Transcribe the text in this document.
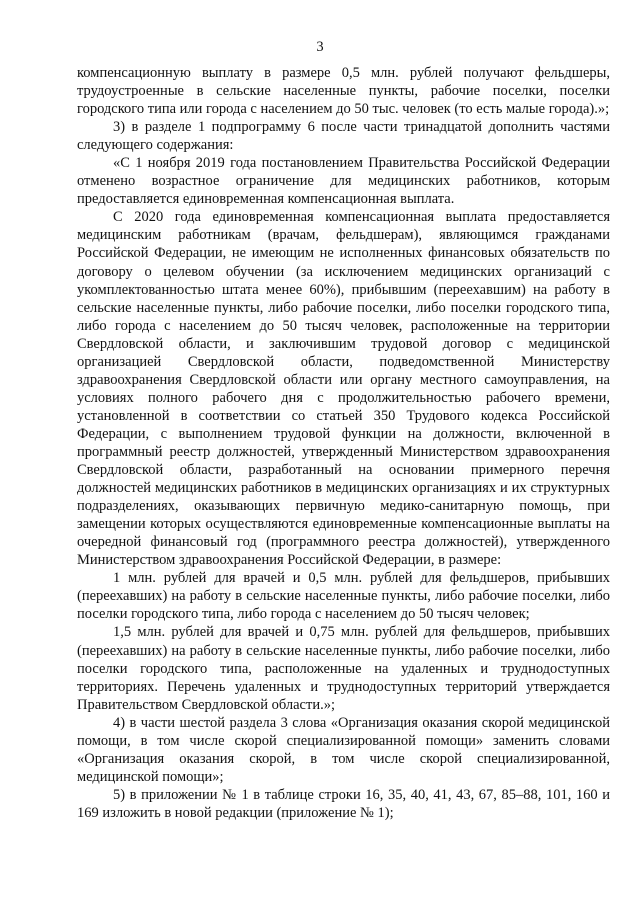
3

компенсационную выплату в размере 0,5 млн. рублей получают фельдшеры, трудоустроенные в сельские населенные пункты, рабочие поселки, поселки городского типа или города с населением до 50 тыс. человек (то есть малые города).»;

3) в разделе 1 подпрограмму 6 после части тринадцатой дополнить частями следующего содержания:

«С 1 ноября 2019 года постановлением Правительства Российской Федерации отменено возрастное ограничение для медицинских работников, которым предоставляется единовременная компенсационная выплата.

С 2020 года единовременная компенсационная выплата предоставляется медицинским работникам (врачам, фельдшерам), являющимся гражданами Российской Федерации, не имеющим не исполненных финансовых обязательств по договору о целевом обучении (за исключением медицинских организаций с укомплектованностью штата менее 60%), прибывшим (переехавшим) на работу в сельские населенные пункты, либо рабочие поселки, либо поселки городского типа, либо города с населением до 50 тысяч человек, расположенные на территории Свердловской области, и заключившим трудовой договор с медицинской организацией Свердловской области, подведомственной Министерству здравоохранения Свердловской области или органу местного самоуправления, на условиях полного рабочего дня с продолжительностью рабочего времени, установленной в соответствии со статьей 350 Трудового кодекса Российской Федерации, с выполнением трудовой функции на должности, включенной в программный реестр должностей, утвержденный Министерством здравоохранения Свердловской области, разработанный на основании примерного перечня должностей медицинских работников в медицинских организациях и их структурных подразделениях, оказывающих первичную медико-санитарную помощь, при замещении которых осуществляются единовременные компенсационные выплаты на очередной финансовый год (программного реестра должностей), утвержденного Министерством здравоохранения Российской Федерации, в размере:

1 млн. рублей для врачей и 0,5 млн. рублей для фельдшеров, прибывших (переехавших) на работу в сельские населенные пункты, либо рабочие поселки, либо поселки городского типа, либо города с населением до 50 тысяч человек;

1,5 млн. рублей для врачей и 0,75 млн. рублей для фельдшеров, прибывших (переехавших) на работу в сельские населенные пункты, либо рабочие поселки, либо поселки городского типа, расположенные на удаленных и труднодоступных территориях. Перечень удаленных и труднодоступных территорий утверждается Правительством Свердловской области.»;

4) в части шестой раздела 3 слова «Организация оказания скорой медицинской помощи, в том числе скорой специализированной помощи» заменить словами «Организация оказания скорой, в том числе скорой специализированной, медицинской помощи»;

5) в приложении № 1 в таблице строки 16, 35, 40, 41, 43, 67, 85–88, 101, 160 и 169 изложить в новой редакции (приложение № 1);
